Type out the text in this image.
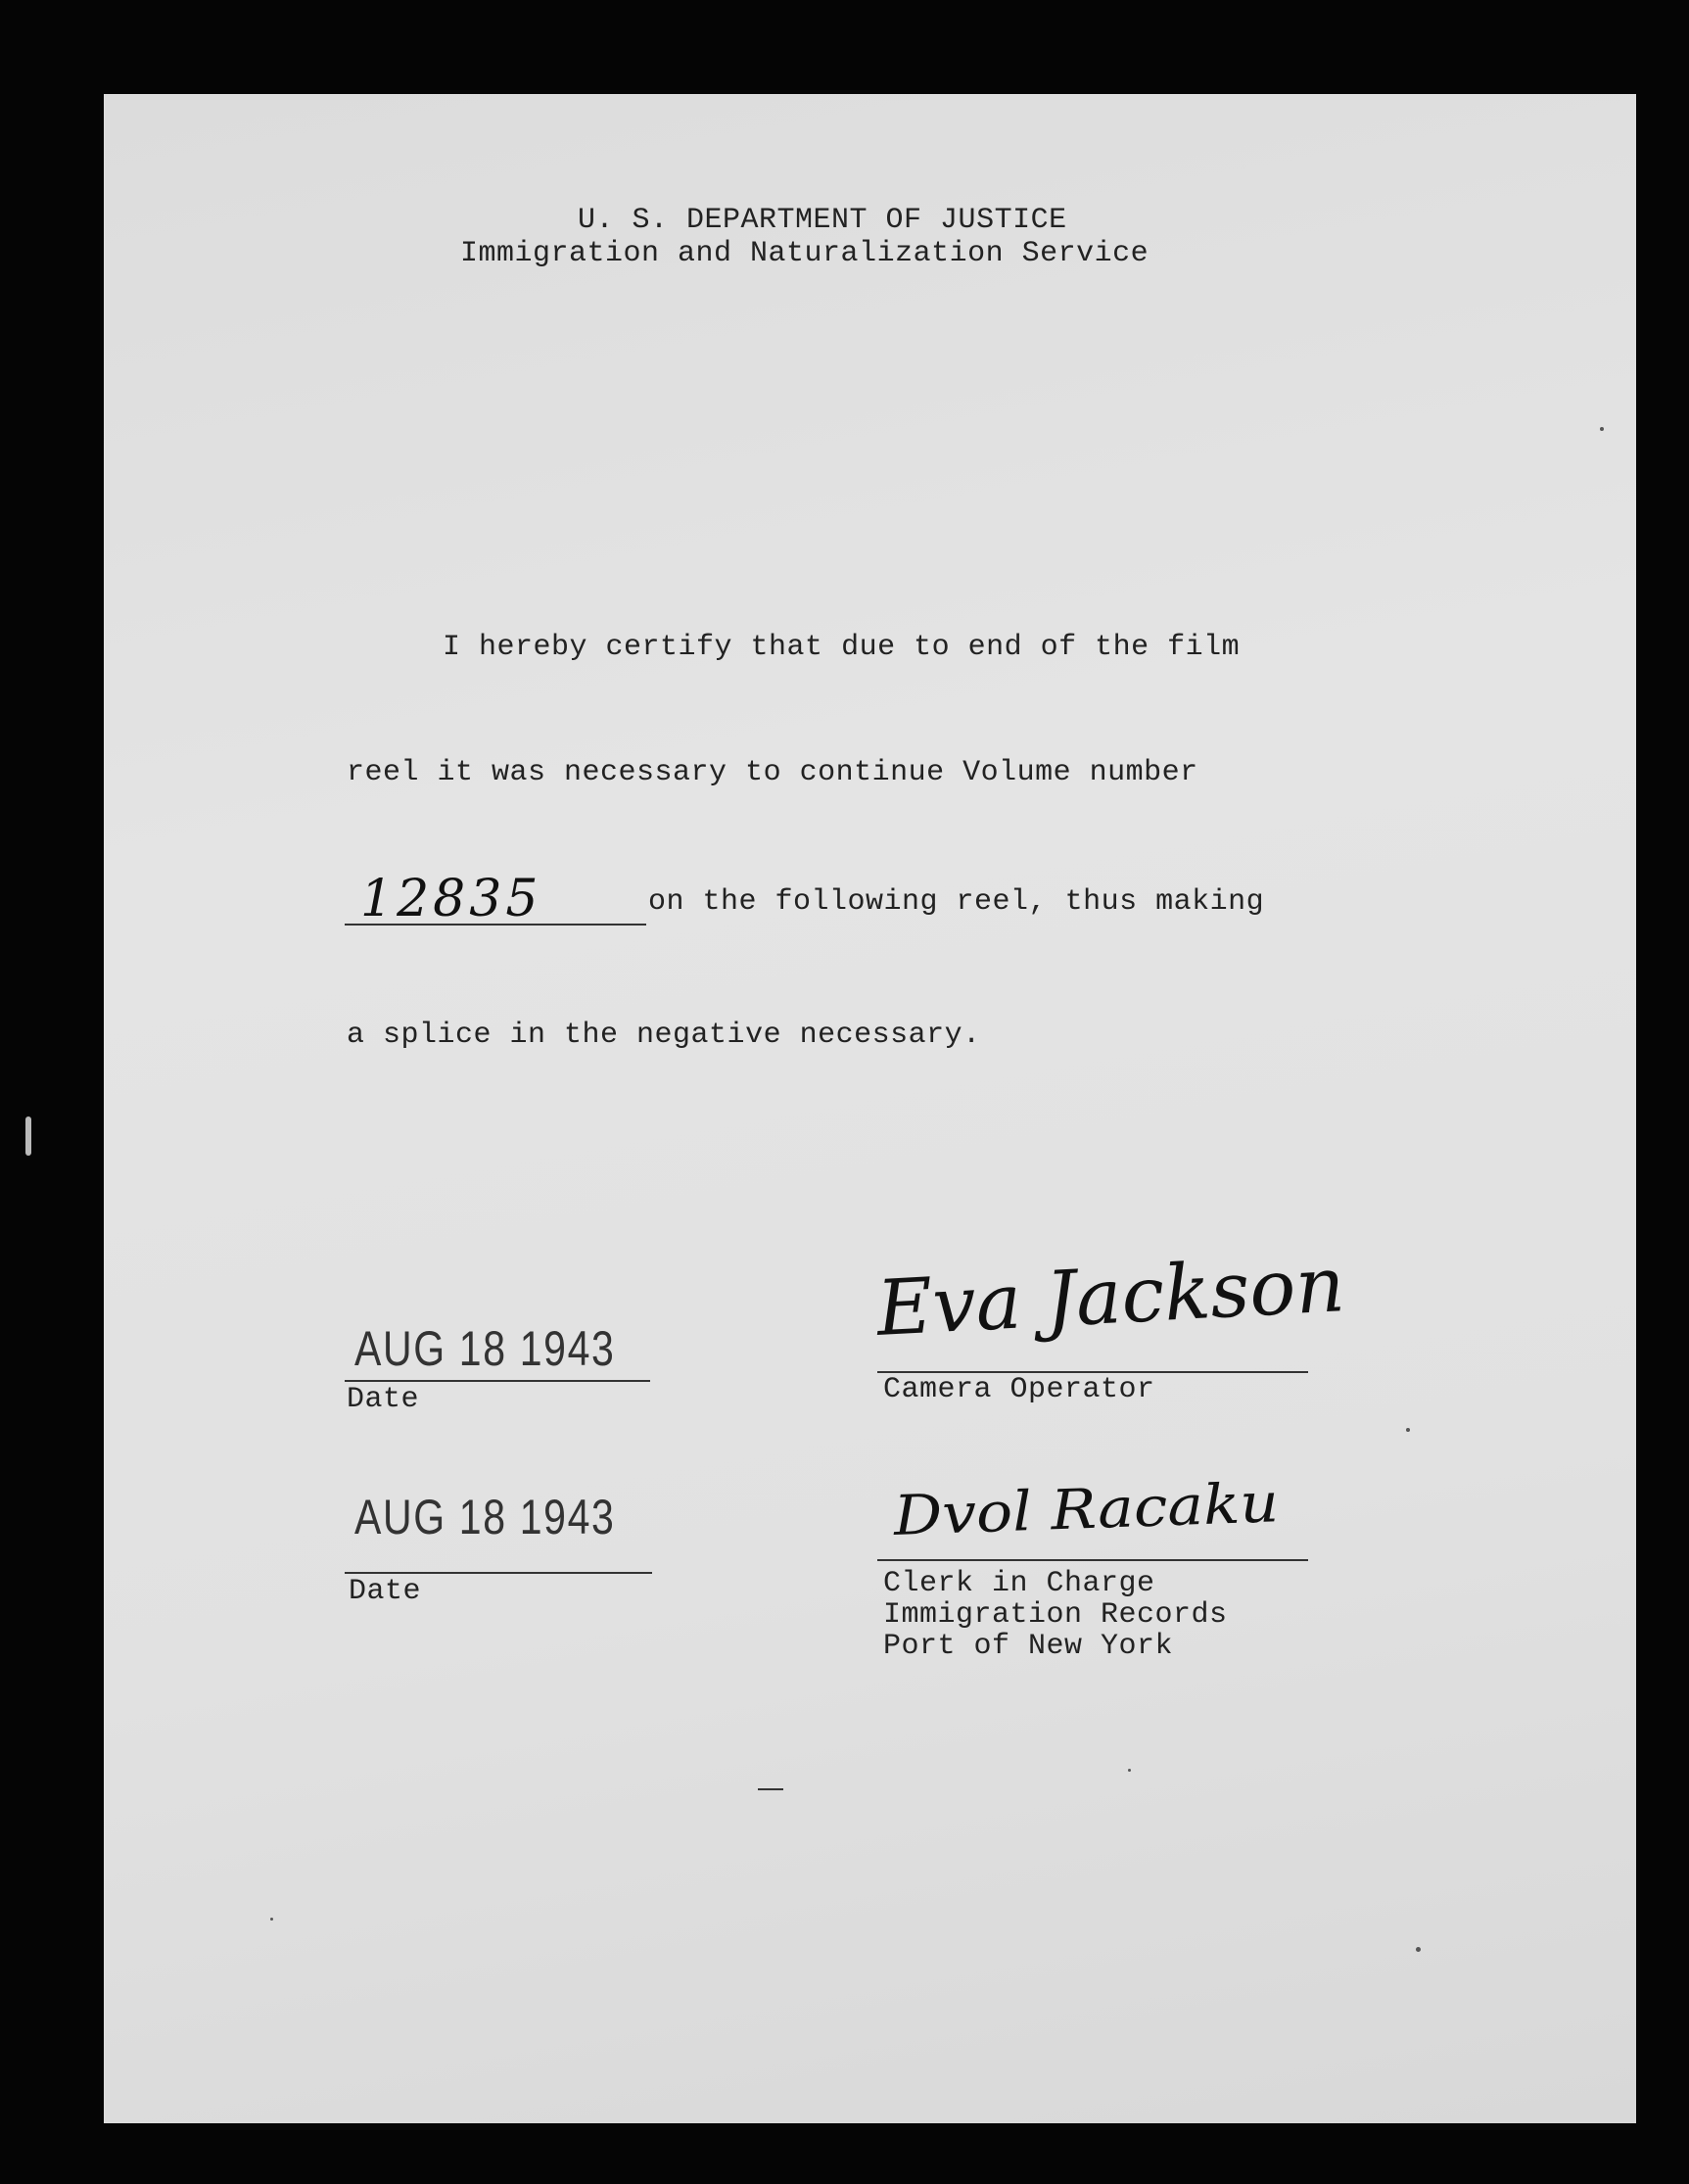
U. S. DEPARTMENT OF JUSTICE
Immigration and Naturalization Service
I hereby certify that due to end of the film
reel it was necessary to continue Volume number
12835	on the following reel, thus making
a splice in the negative necessary.
AUG 18 1943
Date
Eva Jackson
Camera Operator
AUG 18 1943
Date
Dvol Racaku
Clerk in Charge
Immigration Records
Port of New York
